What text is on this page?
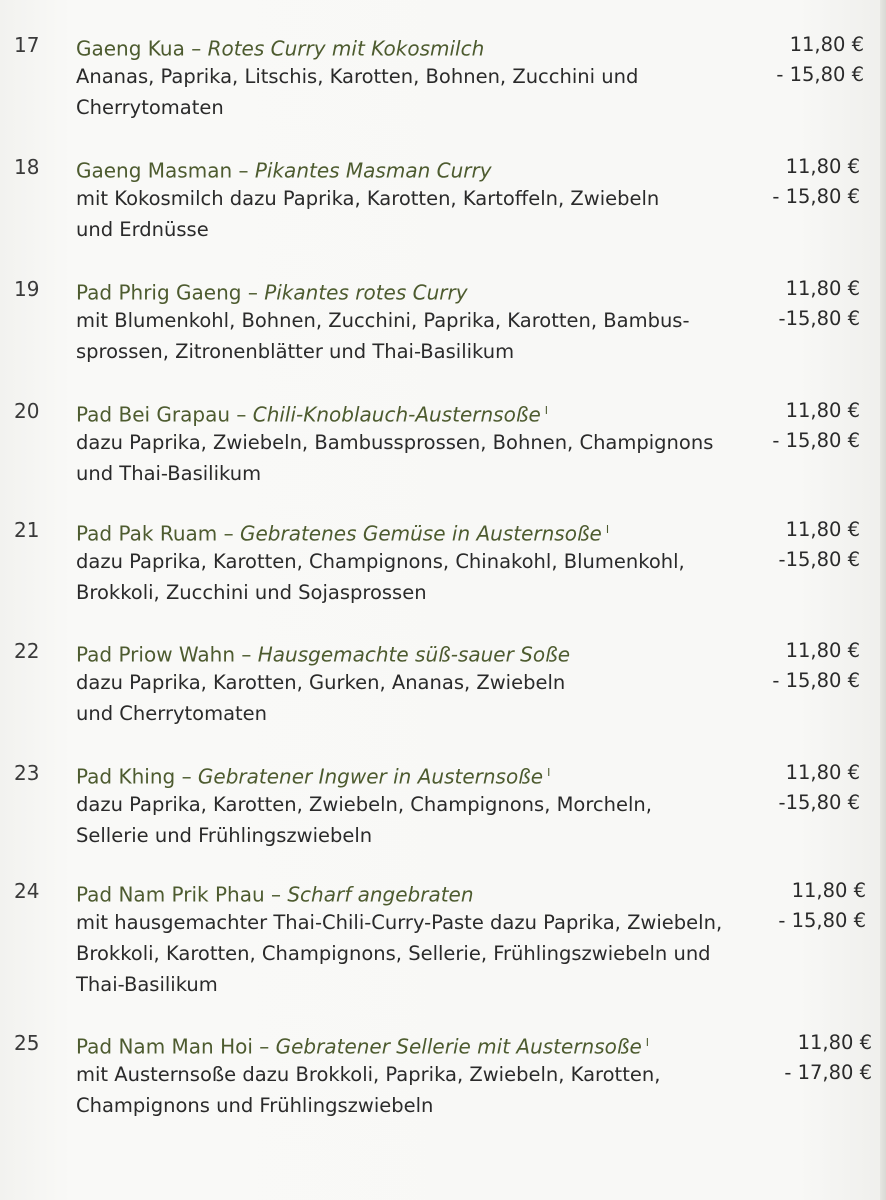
17 Gaeng Kua – Rotes Curry mit Kokosmilch
Ananas, Paprika, Litschis, Karotten, Bohnen, Zucchini und
Cherrytomaten
11,80 €
- 15,80 €
18 Gaeng Masman – Pikantes Masman Curry
mit Kokosmilch dazu Paprika, Karotten, Kartoffeln, Zwiebeln
und Erdnüsse
11,80 €
- 15,80 €
19 Pad Phrig Gaeng – Pikantes rotes Curry
mit Blumenkohl, Bohnen, Zucchini, Paprika, Karotten, Bambus-
sprossen, Zitronenblätter und Thai-Basilikum
11,80 €
-15,80 €
20 Pad Bei Grapau – Chili-Knoblauch-Austernsoße $^I$
dazu Paprika, Zwiebeln, Bambussprossen, Bohnen, Champignons
und Thai-Basilikum
11,80 €
- 15,80 €
21 Pad Pak Ruam – Gebratenes Gemüse in Austernsoße $^I$
dazu Paprika, Karotten, Champignons, Chinakohl, Blumenkohl,
Brokkoli, Zucchini und Sojasprossen
11,80 €
-15,80 €
22 Pad Priow Wahn – Hausgemachte süß-sauer Soße
dazu Paprika, Karotten, Gurken, Ananas, Zwiebeln
und Cherrytomaten
11,80 €
- 15,80 €
23 Pad Khing – Gebratener Ingwer in Austernsoße $^I$
dazu Paprika, Karotten, Zwiebeln, Champignons, Morcheln,
Sellerie und Frühlingszwiebeln
11,80 €
-15,80 €
24 Pad Nam Prik Phau – Scharf angebraten
mit hausgemachter Thai-Chili-Curry-Paste dazu Paprika, Zwiebeln,
Brokkoli, Karotten, Champignons, Sellerie, Frühlingszwiebeln und
Thai-Basilikum
11,80 €
- 15,80 €
25 Pad Nam Man Hoi – Gebratener Sellerie mit Austernsoße $^I$
mit Austernsoße dazu Brokkoli, Paprika, Zwiebeln, Karotten,
Champignons und Frühlingszwiebeln
11,80 €
- 17,80 €
